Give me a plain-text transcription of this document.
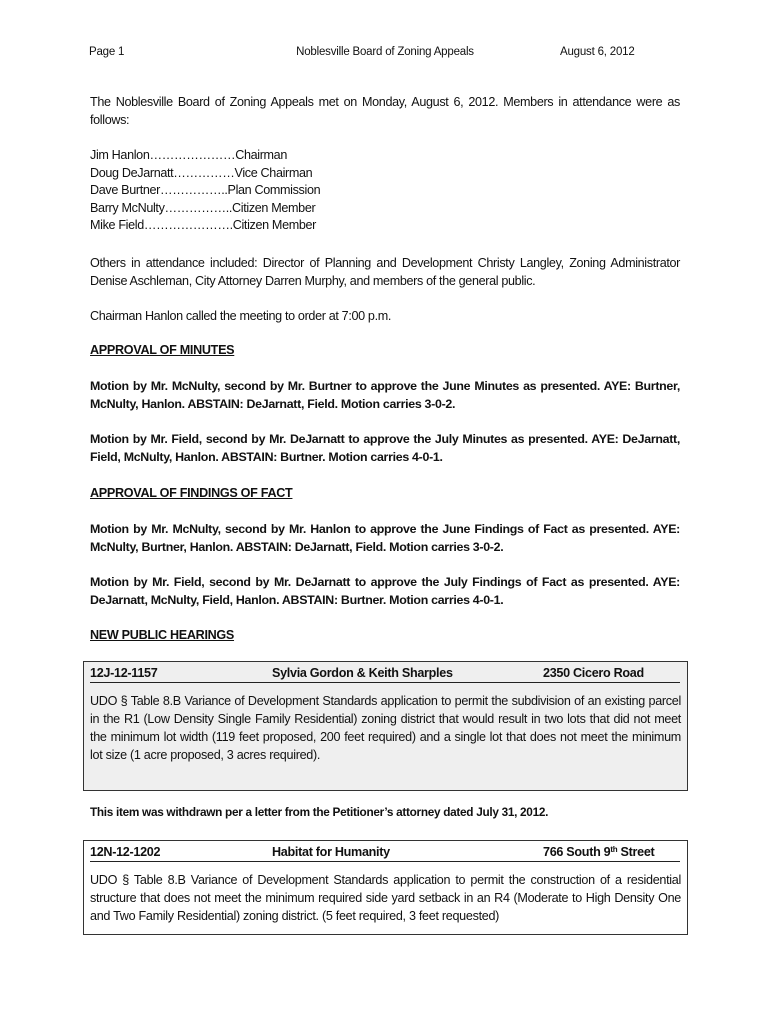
Page 1	Noblesville Board of Zoning Appeals	August 6, 2012
The Noblesville Board of Zoning Appeals met on Monday, August 6, 2012. Members in attendance were as follows:
Jim Hanlon…………………Chairman
Doug DeJarnatt……………Vice Chairman
Dave Burtner……………..Plan Commission
Barry McNulty……………..Citizen Member
Mike Field………………….Citizen Member
Others in attendance included: Director of Planning and Development Christy Langley, Zoning Administrator Denise Aschleman, City Attorney Darren Murphy, and members of the general public.
Chairman Hanlon called the meeting to order at 7:00 p.m.
APPROVAL OF MINUTES
Motion by Mr. McNulty, second by Mr. Burtner to approve the June Minutes as presented. AYE: Burtner, McNulty, Hanlon. ABSTAIN: DeJarnatt, Field. Motion carries 3-0-2.
Motion by Mr. Field, second by Mr. DeJarnatt to approve the July Minutes as presented. AYE: DeJarnatt, Field, McNulty, Hanlon. ABSTAIN: Burtner. Motion carries 4-0-1.
APPROVAL OF FINDINGS OF FACT
Motion by Mr. McNulty, second by Mr. Hanlon to approve the June Findings of Fact as presented. AYE: McNulty, Burtner, Hanlon. ABSTAIN: DeJarnatt, Field. Motion carries 3-0-2.
Motion by Mr. Field, second by Mr. DeJarnatt to approve the July Findings of Fact as presented. AYE: DeJarnatt, McNulty, Field, Hanlon. ABSTAIN: Burtner. Motion carries 4-0-1.
NEW PUBLIC HEARINGS
12J-12-1157	Sylvia Gordon & Keith Sharples	2350 Cicero Road
UDO § Table 8.B Variance of Development Standards application to permit the subdivision of an existing parcel in the R1 (Low Density Single Family Residential) zoning district that would result in two lots that did not meet the minimum lot width (119 feet proposed, 200 feet required) and a single lot that does not meet the minimum lot size (1 acre proposed, 3 acres required).
This item was withdrawn per a letter from the Petitioner’s attorney dated July 31, 2012.
12N-12-1202	Habitat for Humanity	766 South 9th Street
UDO § Table 8.B Variance of Development Standards application to permit the construction of a residential structure that does not meet the minimum required side yard setback in an R4 (Moderate to High Density One and Two Family Residential) zoning district. (5 feet required, 3 feet requested)
